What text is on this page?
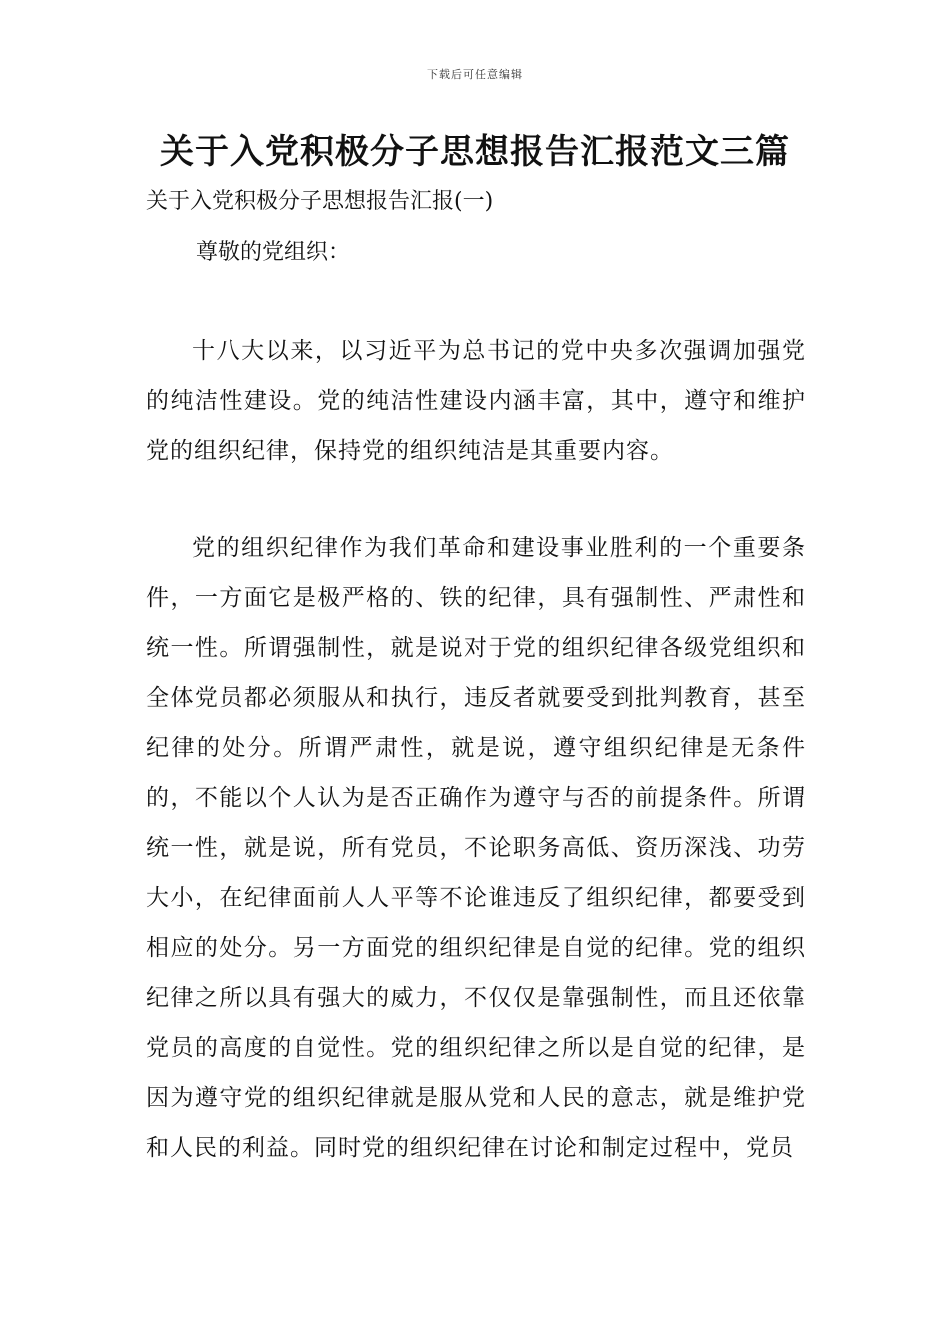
下载后可任意编辑
关于入党积极分子思想报告汇报范文三篇

关于入党积极分子思想报告汇报(一)

尊敬的党组织：

十八大以来，以习近平为总书记的党中央多次强调加强党的纯洁性建设。党的纯洁性建设内涵丰富，其中，遵守和维护党的组织纪律，保持党的组织纯洁是其重要内容。

党的组织纪律作为我们革命和建设事业胜利的一个重要条件，一方面它是极严格的、铁的纪律，具有强制性、严肃性和统一性。所谓强制性，就是说对于党的组织纪律各级党组织和全体党员都必须服从和执行，违反者就要受到批判教育，甚至纪律的处分。所谓严肃性，就是说，遵守组织纪律是无条件的，不能以个人认为是否正确作为遵守与否的前提条件。所谓统一性，就是说，所有党员，不论职务高低、资历深浅、功劳大小，在纪律面前人人平等不论谁违反了组织纪律，都要受到相应的处分。另一方面党的组织纪律是自觉的纪律。党的组织纪律之所以具有强大的威力，不仅仅是靠强制性，而且还依靠党员的高度的自觉性。党的组织纪律之所以是自觉的纪律，是因为遵守党的组织纪律就是服从党和人民的意志，就是维护党和人民的利益。同时党的组织纪律在讨论和制定过程中，党员
